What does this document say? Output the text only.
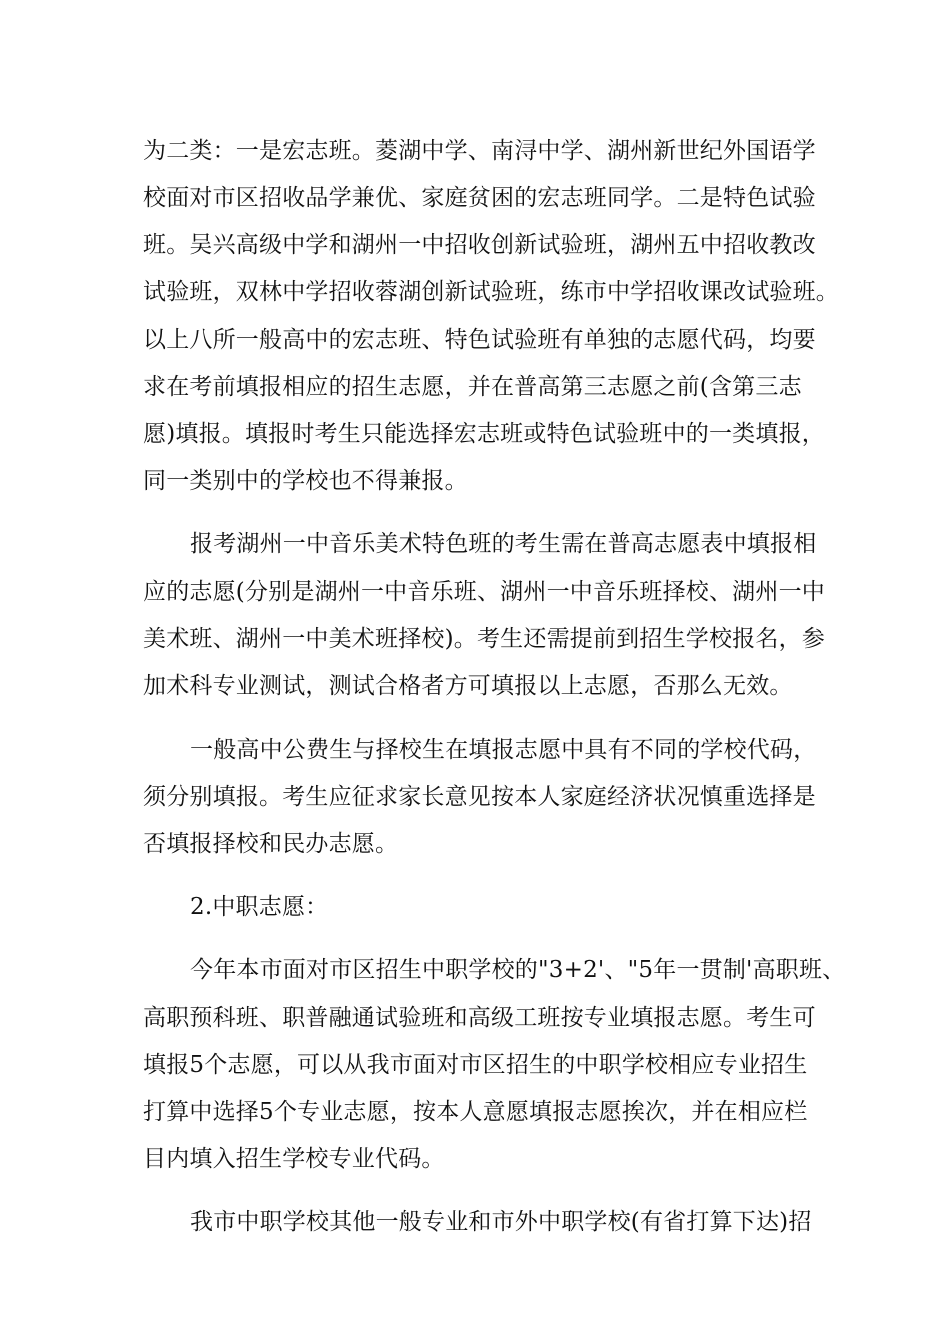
为二类：一是宏志班。菱湖中学、南浔中学、湖州新世纪外国语学
校面对市区招收品学兼优、家庭贫困的宏志班同学。二是特色试验
班。吴兴高级中学和湖州一中招收创新试验班，湖州五中招收教改
试验班，双林中学招收蓉湖创新试验班，练市中学招收课改试验班。
以上八所一般高中的宏志班、特色试验班有单独的志愿代码，均要
求在考前填报相应的招生志愿，并在普高第三志愿之前(含第三志
愿)填报。填报时考生只能选择宏志班或特色试验班中的一类填报，
同一类别中的学校也不得兼报。
报考湖州一中音乐美术特色班的考生需在普高志愿表中填报相
应的志愿(分别是湖州一中音乐班、湖州一中音乐班择校、湖州一中
美术班、湖州一中美术班择校)。考生还需提前到招生学校报名，参
加术科专业测试，测试合格者方可填报以上志愿，否那么无效。
一般高中公费生与择校生在填报志愿中具有不同的学校代码，
须分别填报。考生应征求家长意见按本人家庭经济状况慎重选择是
否填报择校和民办志愿。
2.中职志愿：
今年本市面对市区招生中职学校的"3+2'、"5年一贯制'高职班、
高职预科班、职普融通试验班和高级工班按专业填报志愿。考生可
填报5个志愿，可以从我市面对市区招生的中职学校相应专业招生
打算中选择5个专业志愿，按本人意愿填报志愿挨次，并在相应栏
目内填入招生学校专业代码。
我市中职学校其他一般专业和市外中职学校(有省打算下达)招
